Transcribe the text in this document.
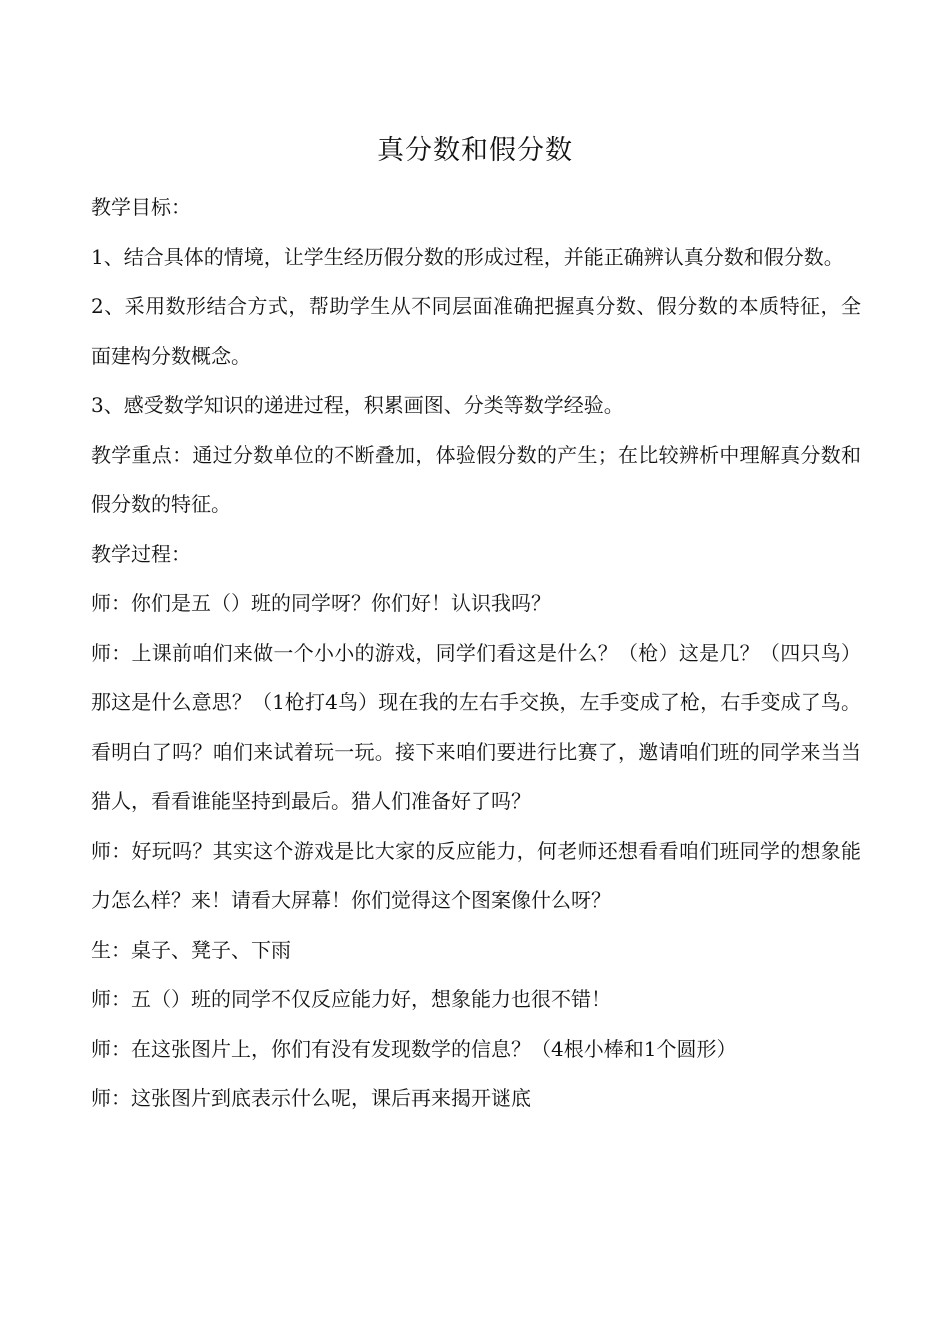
真分数和假分数

教学目标：

1、结合具体的情境，让学生经历假分数的形成过程，并能正确辨认真分数和假分数。

2、采用数形结合方式，帮助学生从不同层面准确把握真分数、假分数的本质特征，全面建构分数概念。

3、感受数学知识的递进过程，积累画图、分类等数学经验。

教学重点：通过分数单位的不断叠加，体验假分数的产生；在比较辨析中理解真分数和假分数的特征。

教学过程：

师：你们是五（）班的同学呀？你们好！认识我吗？

师：上课前咱们来做一个小小的游戏，同学们看这是什么？（枪）这是几？（四只鸟）那这是什么意思？（1枪打4鸟）现在我的左右手交换，左手变成了枪，右手变成了鸟。看明白了吗？咱们来试着玩一玩。接下来咱们要进行比赛了，邀请咱们班的同学来当当猎人，看看谁能坚持到最后。猎人们准备好了吗？

师：好玩吗？其实这个游戏是比大家的反应能力，何老师还想看看咱们班同学的想象能力怎么样？来！请看大屏幕！你们觉得这个图案像什么呀？

生：桌子、凳子、下雨

师：五（）班的同学不仅反应能力好，想象能力也很不错！

师：在这张图片上，你们有没有发现数学的信息？（4根小棒和1个圆形）

师：这张图片到底表示什么呢，课后再来揭开谜底
